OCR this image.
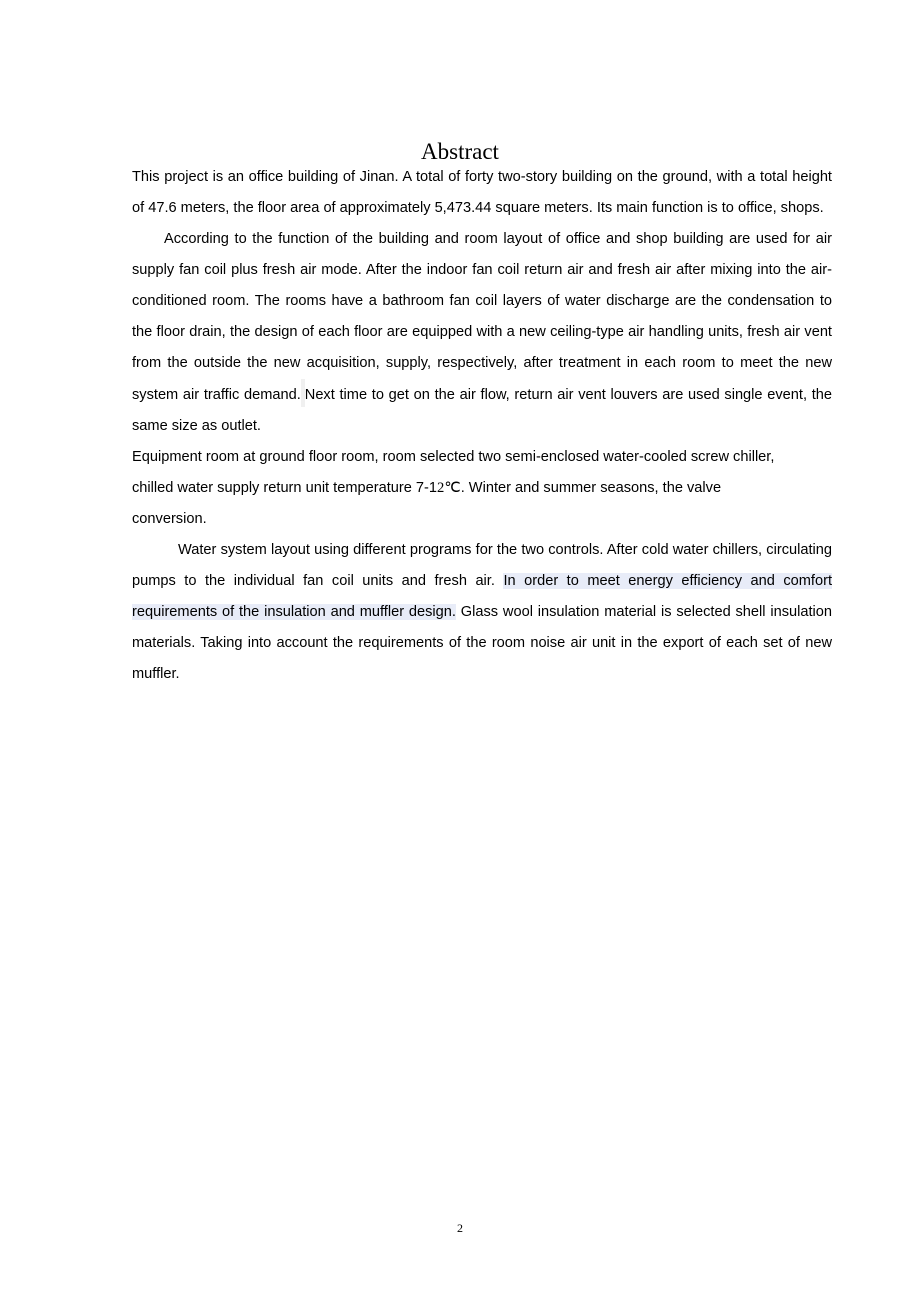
Abstract

This project is an office building of Jinan. A total of forty two-story building on the ground, with a total height of 47.6 meters, the floor area of approximately 5,473.44 square meters. Its main function is to office, shops.

According to the function of the building and room layout of office and shop building are used for air supply fan coil plus fresh air mode. After the indoor fan coil return air and fresh air after mixing into the air-conditioned room. The rooms have a bathroom fan coil layers of water discharge are the condensation to the floor drain, the design of each floor are equipped with a new ceiling-type air handling units, fresh air vent from the outside the new acquisition, supply, respectively, after treatment in each room to meet the new system air traffic demand. Next time to get on the air flow, return air vent louvers are used single event, the same size as outlet.

Equipment room at ground floor room, room selected two semi-enclosed water-cooled screw chiller,
chilled water supply return unit temperature 7-12℃. Winter and summer seasons, the valve
conversion.

Water system layout using different programs for the two controls. After cold water chillers, circulating pumps to the individual fan coil units and fresh air. In order to meet energy efficiency and comfort requirements of the insulation and muffler design. Glass wool insulation material is selected shell insulation materials. Taking into account the requirements of the room noise air unit in the export of each set of new muffler.

2
